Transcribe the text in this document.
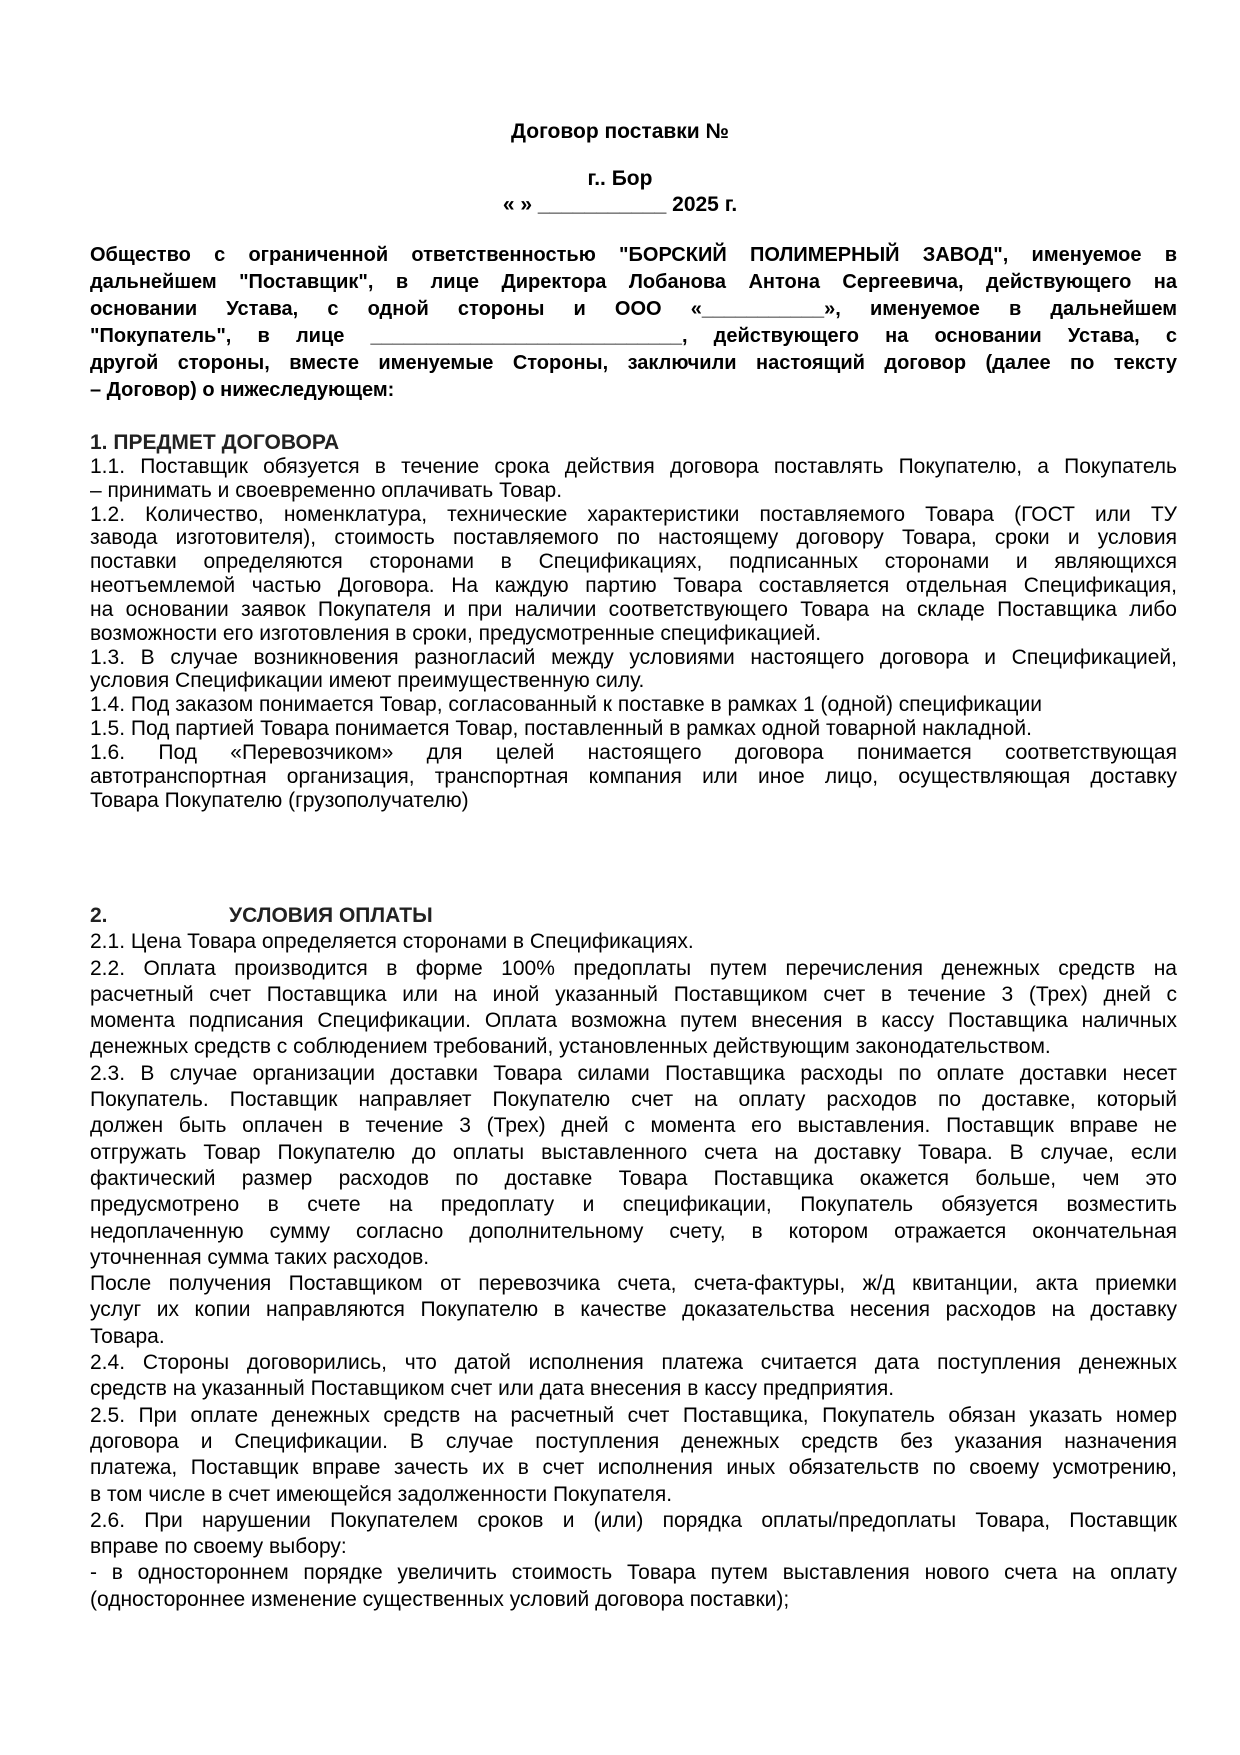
Договор поставки №
г.. Бор
« » ___________ 2025 г.
Общество с ограниченной ответственностью "БОРСКИЙ ПОЛИМЕРНЫЙ ЗАВОД", именуемое в
дальнейшем "Поставщик", в лице Директора Лобанова Антона Сергеевича, действующего на
основании Устава, с одной стороны и ООО «___________», именуемое в дальнейшем
"Покупатель", в лице ____________________________, действующего на основании Устава, с
другой стороны, вместе именуемые Стороны, заключили настоящий договор (далее по тексту
– Договор) о нижеследующем:
1. ПРЕДМЕТ ДОГОВОРА
1.1. Поставщик обязуется в течение срока действия договора поставлять Покупателю, а Покупатель
– принимать и своевременно оплачивать Товар.
1.2. Количество, номенклатура, технические характеристики поставляемого Товара (ГОСТ или ТУ
завода изготовителя), стоимость поставляемого по настоящему договору Товара, сроки и условия
поставки определяются сторонами в Спецификациях, подписанных сторонами и являющихся
неотъемлемой частью Договора. На каждую партию Товара составляется отдельная Спецификация,
на основании заявок Покупателя и при наличии соответствующего Товара на складе Поставщика либо
возможности его изготовления в сроки, предусмотренные спецификацией.
1.3. В случае возникновения разногласий между условиями настоящего договора и Спецификацией,
условия Спецификации имеют преимущественную силу.
1.4. Под заказом понимается Товар, согласованный к поставке в рамках 1 (одной) спецификации
1.5. Под партией Товара понимается Товар, поставленный в рамках одной товарной накладной.
1.6. Под «Перевозчиком» для целей настоящего договора понимается соответствующая
автотранспортная организация, транспортная компания или иное лицо, осуществляющая доставку
Товара Покупателю (грузополучателю)
2.	УСЛОВИЯ ОПЛАТЫ
2.1. Цена Товара определяется сторонами в Спецификациях.
2.2. Оплата производится в форме 100% предоплаты путем перечисления денежных средств на
расчетный счет Поставщика или на иной указанный Поставщиком счет в течение 3 (Трех) дней с
момента подписания Спецификации. Оплата возможна путем внесения в кассу Поставщика наличных
денежных средств с соблюдением требований, установленных действующим законодательством.
2.3. В случае организации доставки Товара силами Поставщика расходы по оплате доставки несет
Покупатель. Поставщик направляет Покупателю счет на оплату расходов по доставке, который
должен быть оплачен в течение 3 (Трех) дней с момента его выставления. Поставщик вправе не
отгружать Товар Покупателю до оплаты выставленного счета на доставку Товара. В случае, если
фактический размер расходов по доставке Товара Поставщика окажется больше, чем это
предусмотрено в счете на предоплату и спецификации, Покупатель обязуется возместить
недоплаченную сумму согласно дополнительному счету, в котором отражается окончательная
уточненная сумма таких расходов.
После получения Поставщиком от перевозчика счета, счета-фактуры, ж/д квитанции, акта приемки
услуг их копии направляются Покупателю в качестве доказательства несения расходов на доставку
Товара.
2.4. Стороны договорились, что датой исполнения платежа считается дата поступления денежных
средств на указанный Поставщиком счет или дата внесения в кассу предприятия.
2.5. При оплате денежных средств на расчетный счет Поставщика, Покупатель обязан указать номер
договора и Спецификации. В случае поступления денежных средств без указания назначения
платежа, Поставщик вправе зачесть их в счет исполнения иных обязательств по своему усмотрению,
в том числе в счет имеющейся задолженности Покупателя.
2.6. При нарушении Покупателем сроков и (или) порядка оплаты/предоплаты Товара, Поставщик
вправе по своему выбору:
- в одностороннем порядке увеличить стоимость Товара путем выставления нового счета на оплату
(одностороннее изменение существенных условий договора поставки);
